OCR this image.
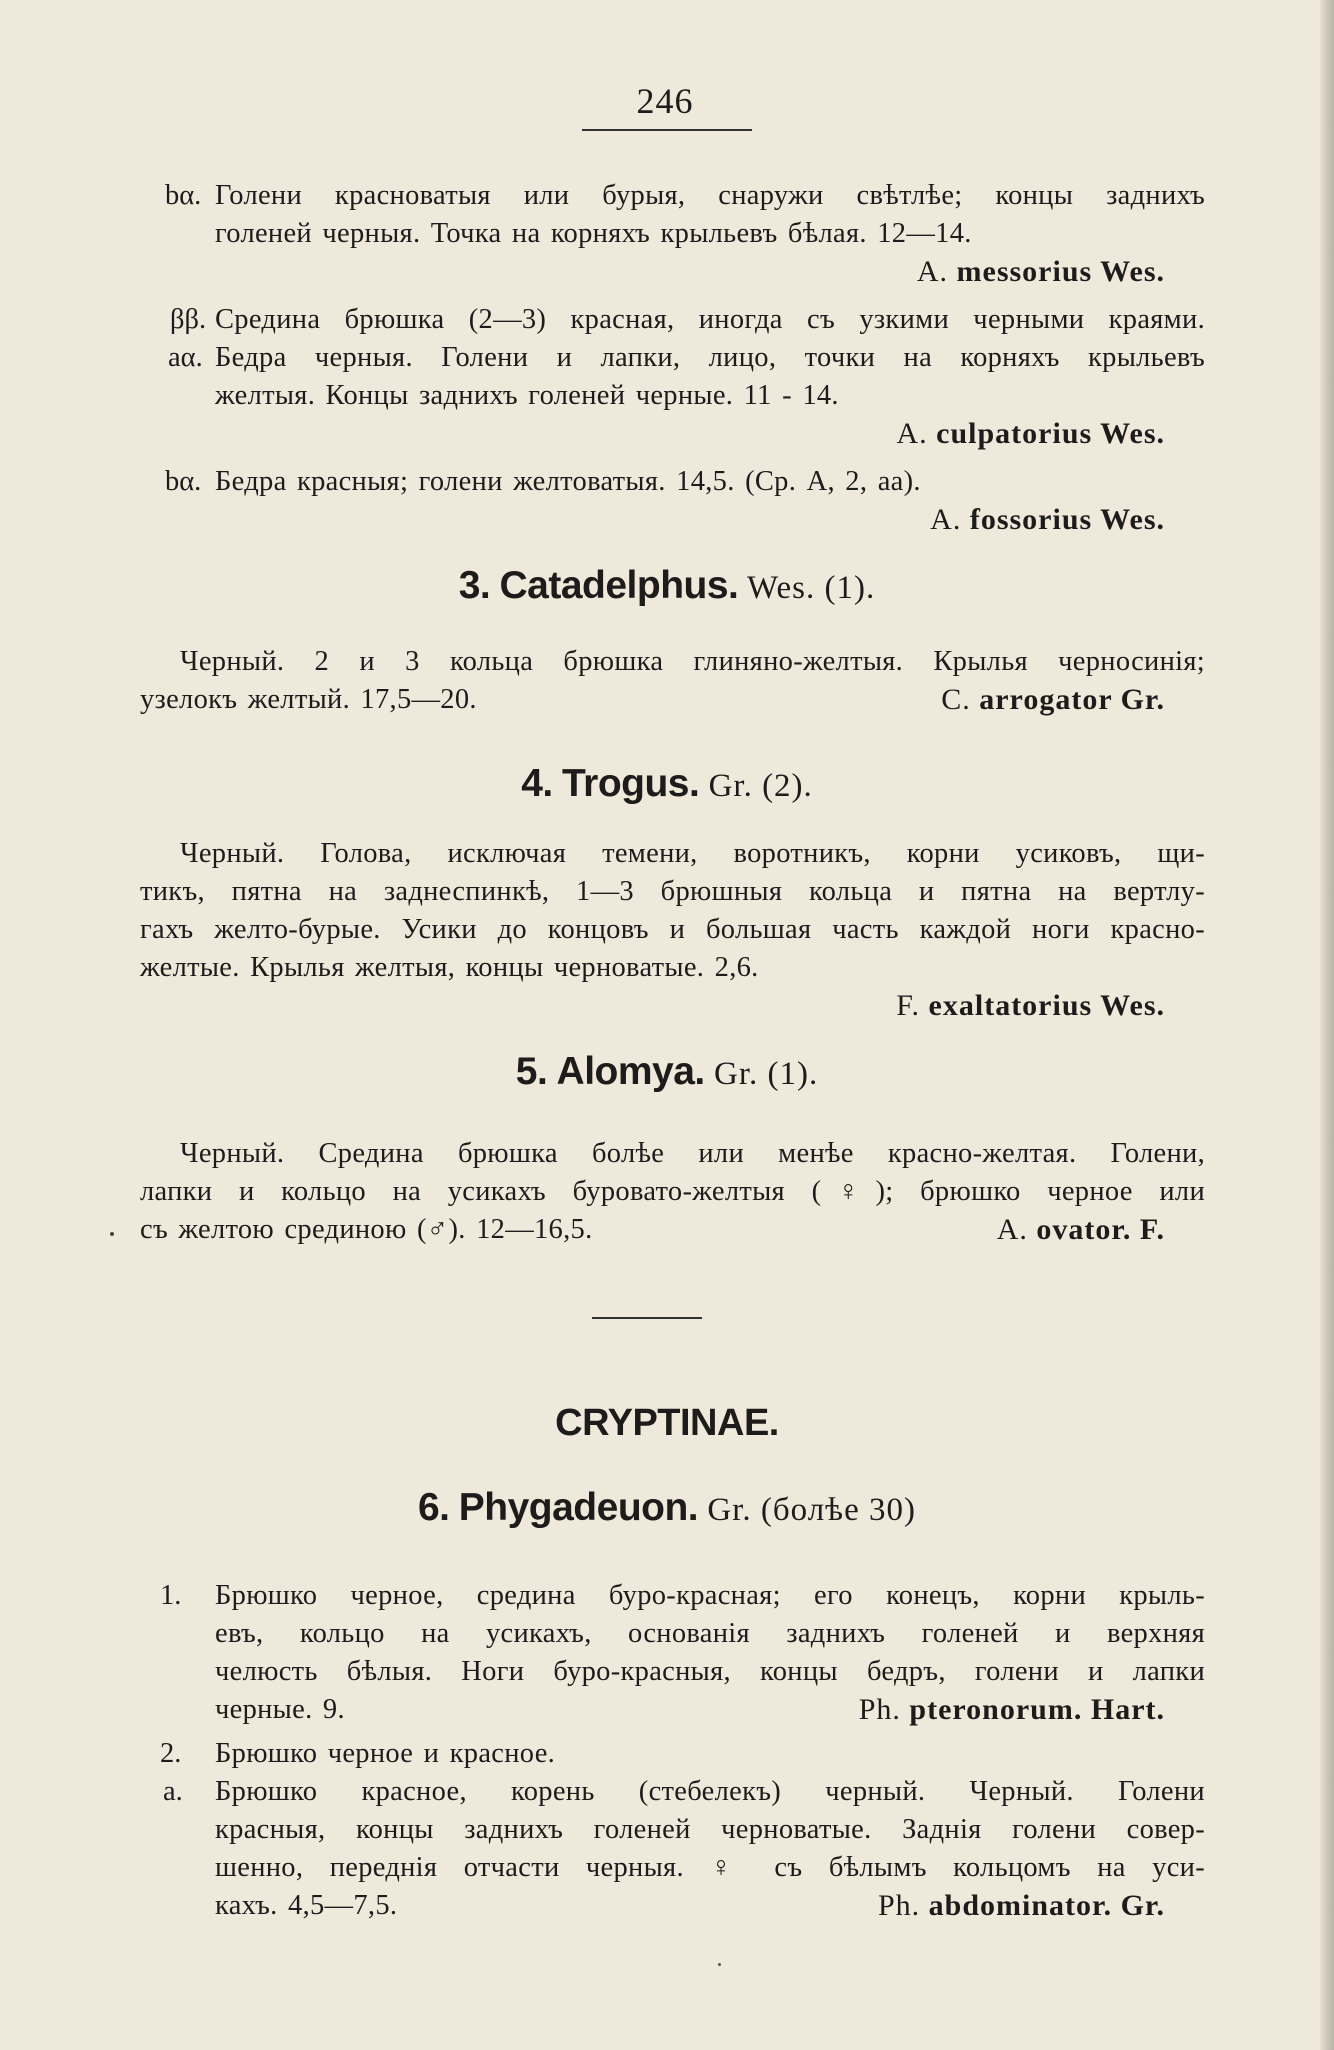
246
bα. Голени красноватыя или бурыя, снаружи свѣтлѣе; концы заднихъ
голеней черныя. Точка на корняхъ крыльевъ бѣлая. 12—14.
A. messorius Wes.
ββ. Средина брюшка (2—3) красная, иногда съ узкими черными краями.
aα. Бедра черныя. Голени и лапки, лицо, точки на корняхъ крыльевъ
желтыя. Концы заднихъ голеней черные. 11 - 14.
A. culpatorius Wes.
bα. Бедра красныя; голени желтоватыя. 14,5. (Ср. А, 2, aa).
A. fossorius Wes.
3. Catadelphus. Wes. (1).
Черный. 2 и 3 кольца брюшка глиняно-желтыя. Крылья черносинія;
узелокъ желтый. 17,5—20.	C. arrogator Gr.
4. Trogus. Gr. (2).
Черный. Голова, исключая темени, воротникъ, корни усиковъ, щи-
тикъ, пятна на заднеспинкѣ, 1—3 брюшныя кольца и пятна на вертлу-
гахъ желто-бурые. Усики до концовъ и большая часть каждой ноги красно-
желтые. Крылья желтыя, концы черноватые. 2,6.
F. exaltatorius Wes.
5. Alomya. Gr. (1).
Черный. Средина брюшка болѣе или менѣе красно-желтая. Голени,
лапки и кольцо на усикахъ буровато-желтыя (♀); брюшко черное или
съ желтою срединою (♂). 12—16,5.	A. ovator. F.
CRYPTINAE.
6. Phygadeuon. Gr. (болѣе 30)
1. Брюшко черное, средина буро-красная; его конецъ, корни крыль-
евъ, кольцо на усикахъ, основанія заднихъ голеней и верхняя
челюсть бѣлыя. Ноги буро-красныя, концы бедръ, голени и лапки
черные. 9.	Ph. pteronorum. Hart.
2. Брюшко черное и красное.
a. Брюшко красное, корень (стебелекъ) черный. Черный. Голени
красныя, концы заднихъ голеней черноватые. Заднія голени совер-
шенно, переднія отчасти черныя. ♀ съ бѣлымъ кольцомъ на уси-
кахъ. 4,5—7,5.	Ph. abdominator. Gr.
